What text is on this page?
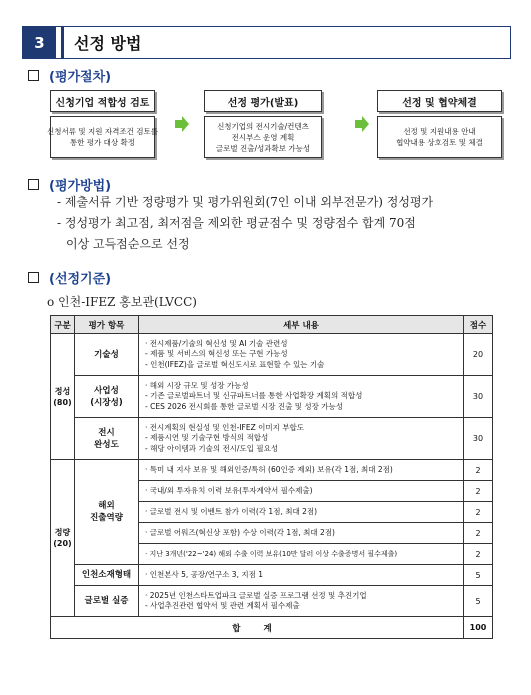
3	선정 방법
(평가절차)
신청기업 적합성 검토
신청서류 및 지원 자격조건 검토를
통한 평가 대상 확정
선정 평가(발표)
신청기업의 전시기술/컨텐츠
전시부스 운영 계획
글로벌 진출/성과확보 가능성
선정 및 협약체결
선정 및 지원내용 안내
협약내용 상호검토 및 체결
(평가방법)
- 제출서류 기반 정량평가 및 평가위원회(7인 이내 외부전문가) 정성평가
- 정성평가 최고점, 최저점을 제외한 평균점수 및 정량점수 합계 70점
이상 고득점순으로 선정
(선정기준)
o 인천-IFEZ 홍보관(LVCC)
구분	평가 항목	세부 내용	점수

정성
(80)	기술성	· 전시제품/기술의 혁신성 및 AI 기술 관련성
- 제품 및 서비스의 혁신성 또는 구현 가능성
- 인천(IFEZ)을 글로벌 혁신도시로 표현할 수 있는 기술	20

	사업성
(시장성)	· 해외 시장 규모 및 성장 가능성
- 기존 글로벌파트너 및 신규파트너를 통한 사업확장 계획의 적합성
- CES 2026 전시회를 통한 글로벌 시장 진출 및 성장 가능성	30

	전시
완성도	· 전시계획의 현실성 및 인천-IFEZ 이미지 부합도
- 제품시연 및 기술구현 방식의 적합성
- 해당 아이템과 기술의 전시/도입 필요성	30

정량
(20)	해외
진출역량	· 특미 내 지사 보유 및 해외인증/특허 (60인증 제외) 보유(각 1점, 최대 2점)	2

		· 국내/외 투자유치 이력 보유(투자계약서 필수제출)	2

		· 글로벌 전시 및 이벤트 참가 이력(각 1점, 최대 2점)	2

		· 글로벌 어워즈(혁신상 포함) 수상 이력(각 1점, 최대 2점)	2

		· 지난 3개년('22~'24) 해외 수출 이력 보유(10만 달러 이상 수출증명서 필수제출)	2
	인천소재형태	· 인천본사 5, 공장/연구소 3, 지점 1	5
	글로벌 실증	· 2025년 인천스타트업파크 글로벌 실증 프로그램 선정 및 추진기업
- 사업추진관련 협약서 및 관련 계획서 필수제출	5
합 계			100
